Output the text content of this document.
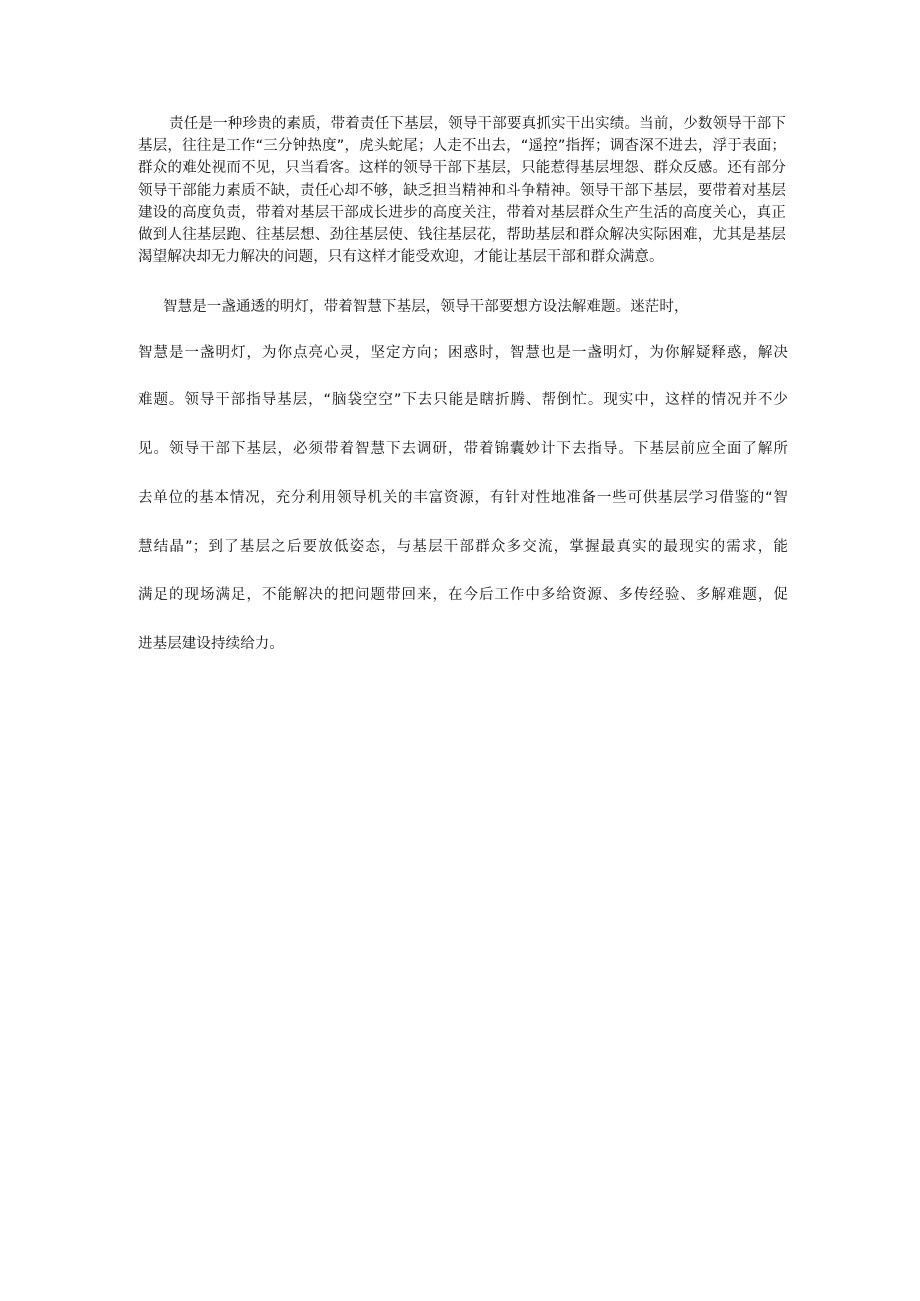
责任是一种珍贵的素质，带着责任下基层，领导干部要真抓实干出实绩。当前，少数领导干部下基层，往往是工作“三分钟热度”，虎头蛇尾；人走不出去，“遥控”指挥；调杳深不进去，浮于表面；群众的难处视而不见，只当看客。这样的领导干部下基层，只能惹得基层埋怨、群众反感。还有部分领导干部能力素质不缺，责任心却不够，缺乏担当精神和斗争精神。领导干部下基层，要带着对基层建设的高度负责，带着对基层干部成长进步的高度关注，带着对基层群众生产生活的高度关心，真正做到人往基层跑、往基层想、劲往基层使、钱往基层花，帮助基层和群众解决实际困难，尤其是基层渴望解决却无力解决的问题，只有这样才能受欢迎，才能让基层干部和群众满意。

智慧是一盏通透的明灯，带着智慧下基层，领导干部要想方设法解难题。迷茫时，
智慧是一盏明灯，为你点亮心灵，坚定方向；困惑时，智慧也是一盏明灯，为你解疑释惑，解决
难题。领导干部指导基层，“脑袋空空”下去只能是瞎折腾、帮倒忙。现实中，这样的情况并不少
见。领导干部下基层，必须带着智慧下去调研，带着锦囊妙计下去指导。下基层前应全面了解所
去单位的基本情况，充分利用领导机关的丰富资源，有针对性地准备一些可供基层学习借鉴的“智
慧结晶”；到了基层之后要放低姿态，与基层干部群众多交流，掌握最真实的最现实的需求，能
满足的现场满足，不能解决的把问题带回来，在今后工作中多给资源、多传经验、多解难题，促
进基层建设持续给力。
